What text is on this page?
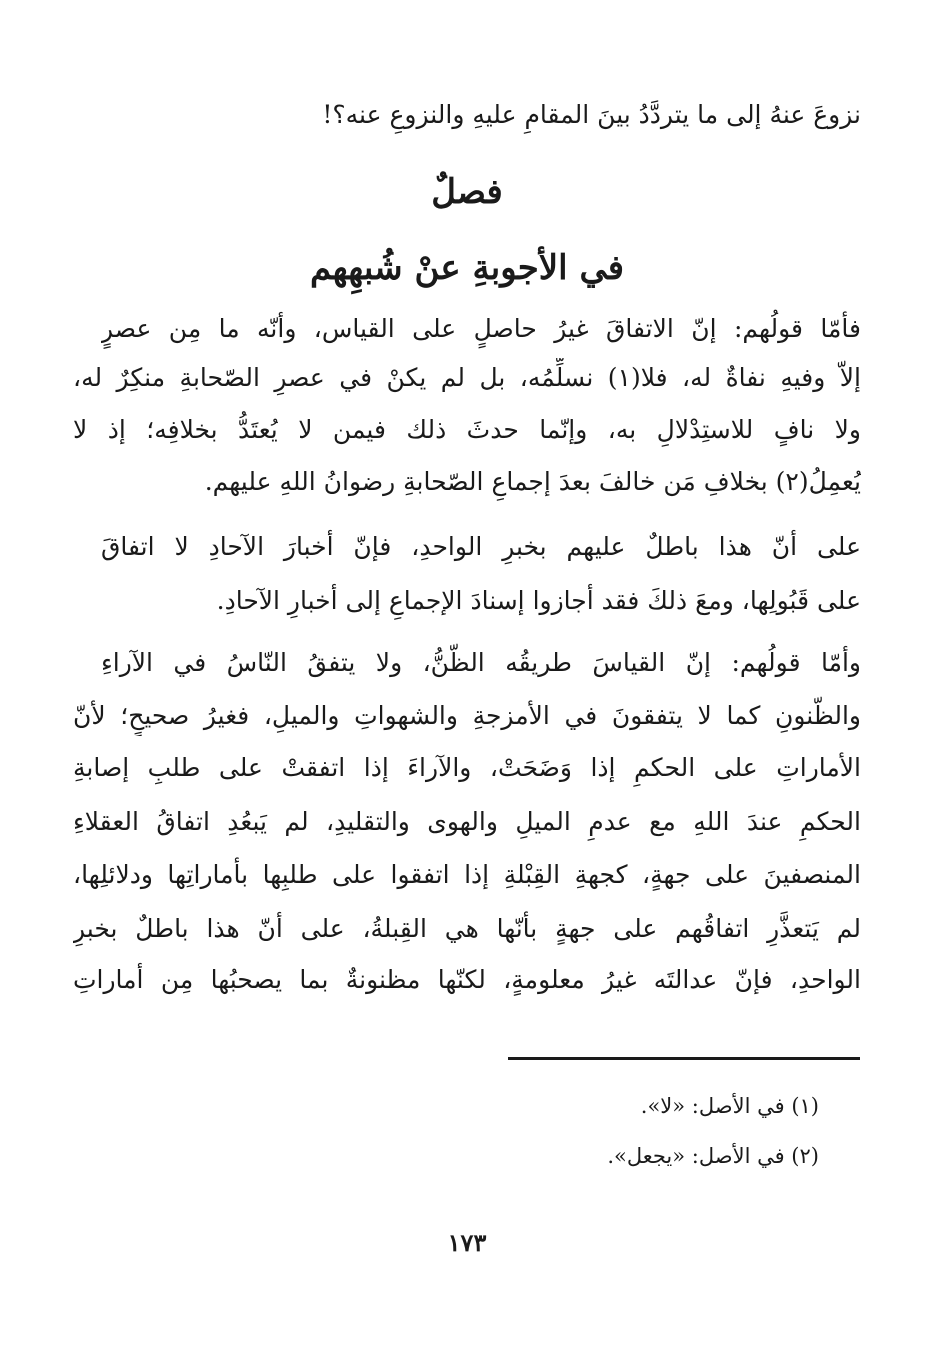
نزوعَ عنهُ إلى ما يتردَّدُ بينَ المقامِ عليهِ والنزوعِ عنه؟!
فصلٌ
في الأجوبةِ عنْ شُبهِهم
فأمّا قولُهم: إنّ الاتفاقَ غيرُ حاصلٍ على القياس، وأنّه ما مِن عصرٍ
إلاّ وفيهِ نفاةٌ له، فلا(١) نسلِّمُه، بل لم يكنْ في عصرِ الصّحابةِ منكِرٌ له،
ولا نافٍ للاستِدْلالِ به، وإنّما حدثَ ذلك فيمن لا يُعتَدُّ بخلافِه؛ إذ لا
يُعمِلُ(٢) بخلافِ مَن خالفَ بعدَ إجماعِ الصّحابةِ رضوانُ اللهِ عليهم.
على أنّ هذا باطلٌ عليهم بخبرِ الواحدِ، فإنّ أخبارَ الآحادِ لا اتفاقَ
على قَبُولِها، ومعَ ذلكَ فقد أجازوا إسنادَ الإجماعِ إلى أخبارِ الآحادِ.
وأمّا قولُهم: إنّ القياسَ طريقُه الظّنُّ، ولا يتفقُ النّاسُ في الآراءِ
والظّنونِ كما لا يتفقونَ في الأمزجةِ والشهواتِ والميلِ، فغيرُ صحيحٍ؛ لأنّ
الأماراتِ على الحكمِ إذا وَضَحَتْ، والآراءَ إذا اتفقتْ على طلبِ إصابةِ
الحكمِ عندَ اللهِ مع عدمِ الميلِ والهوى والتقليدِ، لم يَبعُدِ اتفاقُ العقلاءِ
المنصفينَ على جهةٍ، كجهةِ القِبْلةِ إذا اتفقوا على طلبِها بأماراتِها ودلائلِها،
لم يَتعذَّرِ اتفاقُهم على جهةٍ بأنّها هي القِبلةُ، على أنّ هذا باطلٌ بخبرِ
الواحدِ، فإنّ عدالتَه غيرُ معلومةٍ، لكنّها مظنونةٌ بما يصحبُها مِن أماراتِ
(١) في الأصل: «لا».
(٢) في الأصل: «يجعل».
١٧٣
